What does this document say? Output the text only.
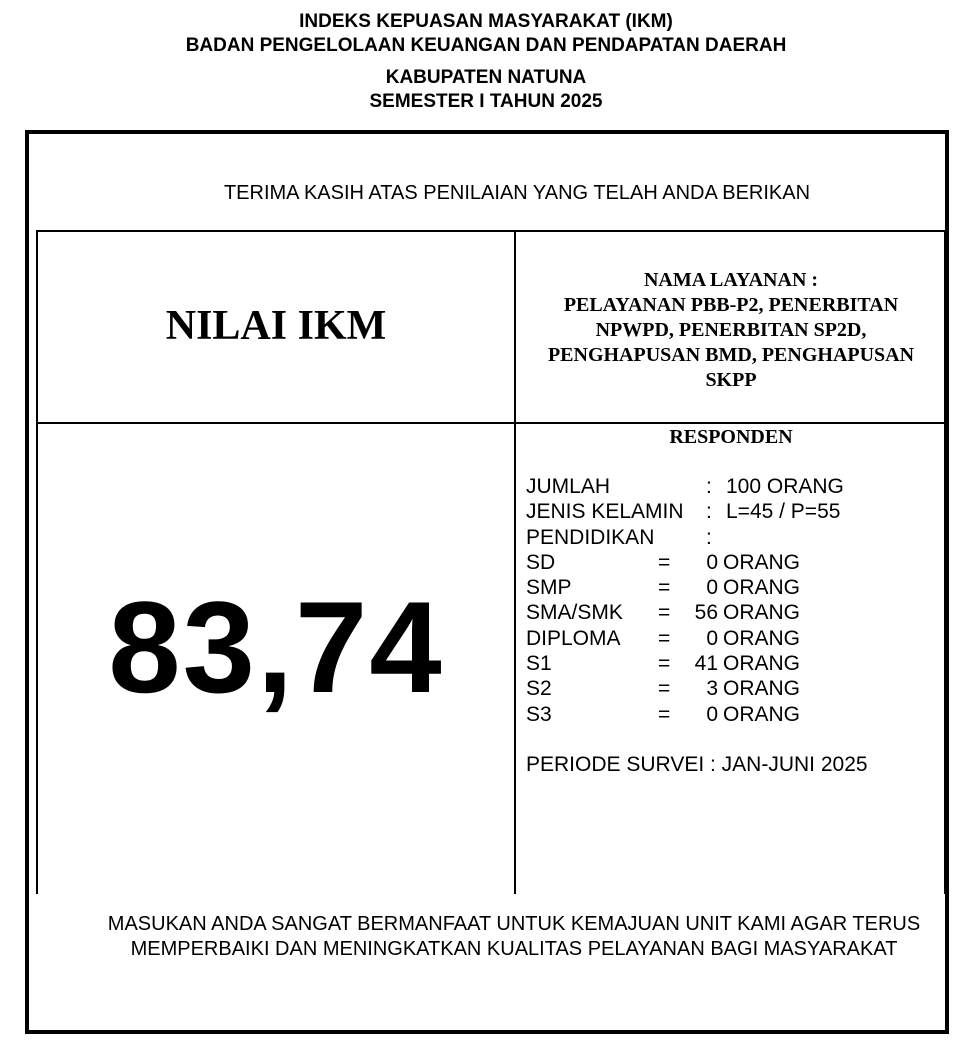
INDEKS KEPUASAN MASYARAKAT (IKM)
BADAN PENGELOLAAN KEUANGAN DAN PENDAPATAN DAERAH
KABUPATEN NATUNA
SEMESTER I TAHUN 2025
TERIMA KASIH ATAS PENILAIAN YANG TELAH ANDA BERIKAN
NILAI IKM
NAMA LAYANAN :
PELAYANAN PBB-P2, PENERBITAN NPWPD, PENERBITAN SP2D, PENGHAPUSAN BMD, PENGHAPUSAN SKPP
83,74
RESPONDEN
JUMLAH	: 100 ORANG
JENIS KELAMIN	: L=45 / P=55
PENDIDIKAN	:
SD	=	0 ORANG
SMP	=	0 ORANG
SMA/SMK	=	56 ORANG
DIPLOMA	=	0 ORANG
S1	=	41 ORANG
S2	=	3 ORANG
S3	=	0 ORANG
PERIODE SURVEI : JAN-JUNI 2025
MASUKAN ANDA SANGAT BERMANFAAT UNTUK KEMAJUAN UNIT KAMI AGAR TERUS MEMPERBAIKI DAN MENINGKATKAN KUALITAS PELAYANAN BAGI MASYARAKAT
